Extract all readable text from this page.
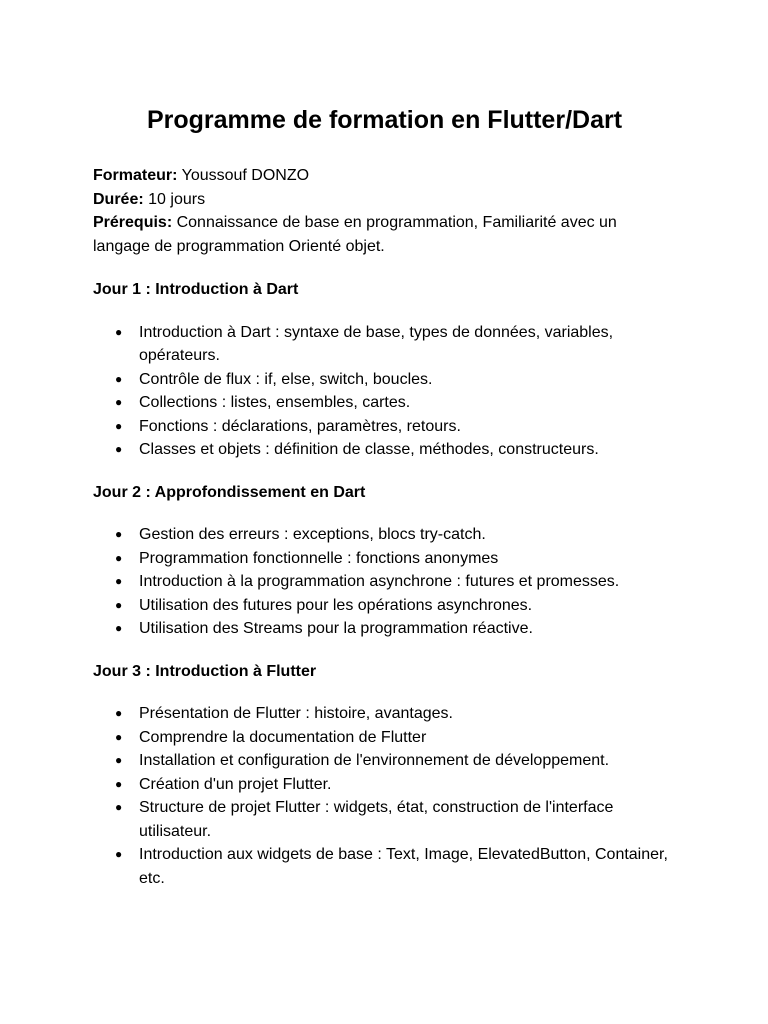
Programme de formation en Flutter/Dart
Formateur: Youssouf DONZO
Durée: 10 jours
Prérequis: Connaissance de base en programmation, Familiarité avec un langage de programmation Orienté objet.
Jour 1 : Introduction à Dart
● Introduction à Dart : syntaxe de base, types de données, variables, opérateurs.
● Contrôle de flux : if, else, switch, boucles.
● Collections : listes, ensembles, cartes.
● Fonctions : déclarations, paramètres, retours.
● Classes et objets : définition de classe, méthodes, constructeurs.
Jour 2 : Approfondissement en Dart
● Gestion des erreurs : exceptions, blocs try-catch.
● Programmation fonctionnelle : fonctions anonymes
● Introduction à la programmation asynchrone : futures et promesses.
● Utilisation des futures pour les opérations asynchrones.
● Utilisation des Streams pour la programmation réactive.
Jour 3 : Introduction à Flutter
● Présentation de Flutter : histoire, avantages.
● Comprendre la documentation de Flutter
● Installation et configuration de l'environnement de développement.
● Création d'un projet Flutter.
● Structure de projet Flutter : widgets, état, construction de l'interface utilisateur.
● Introduction aux widgets de base : Text, Image, ElevatedButton, Container, etc.
